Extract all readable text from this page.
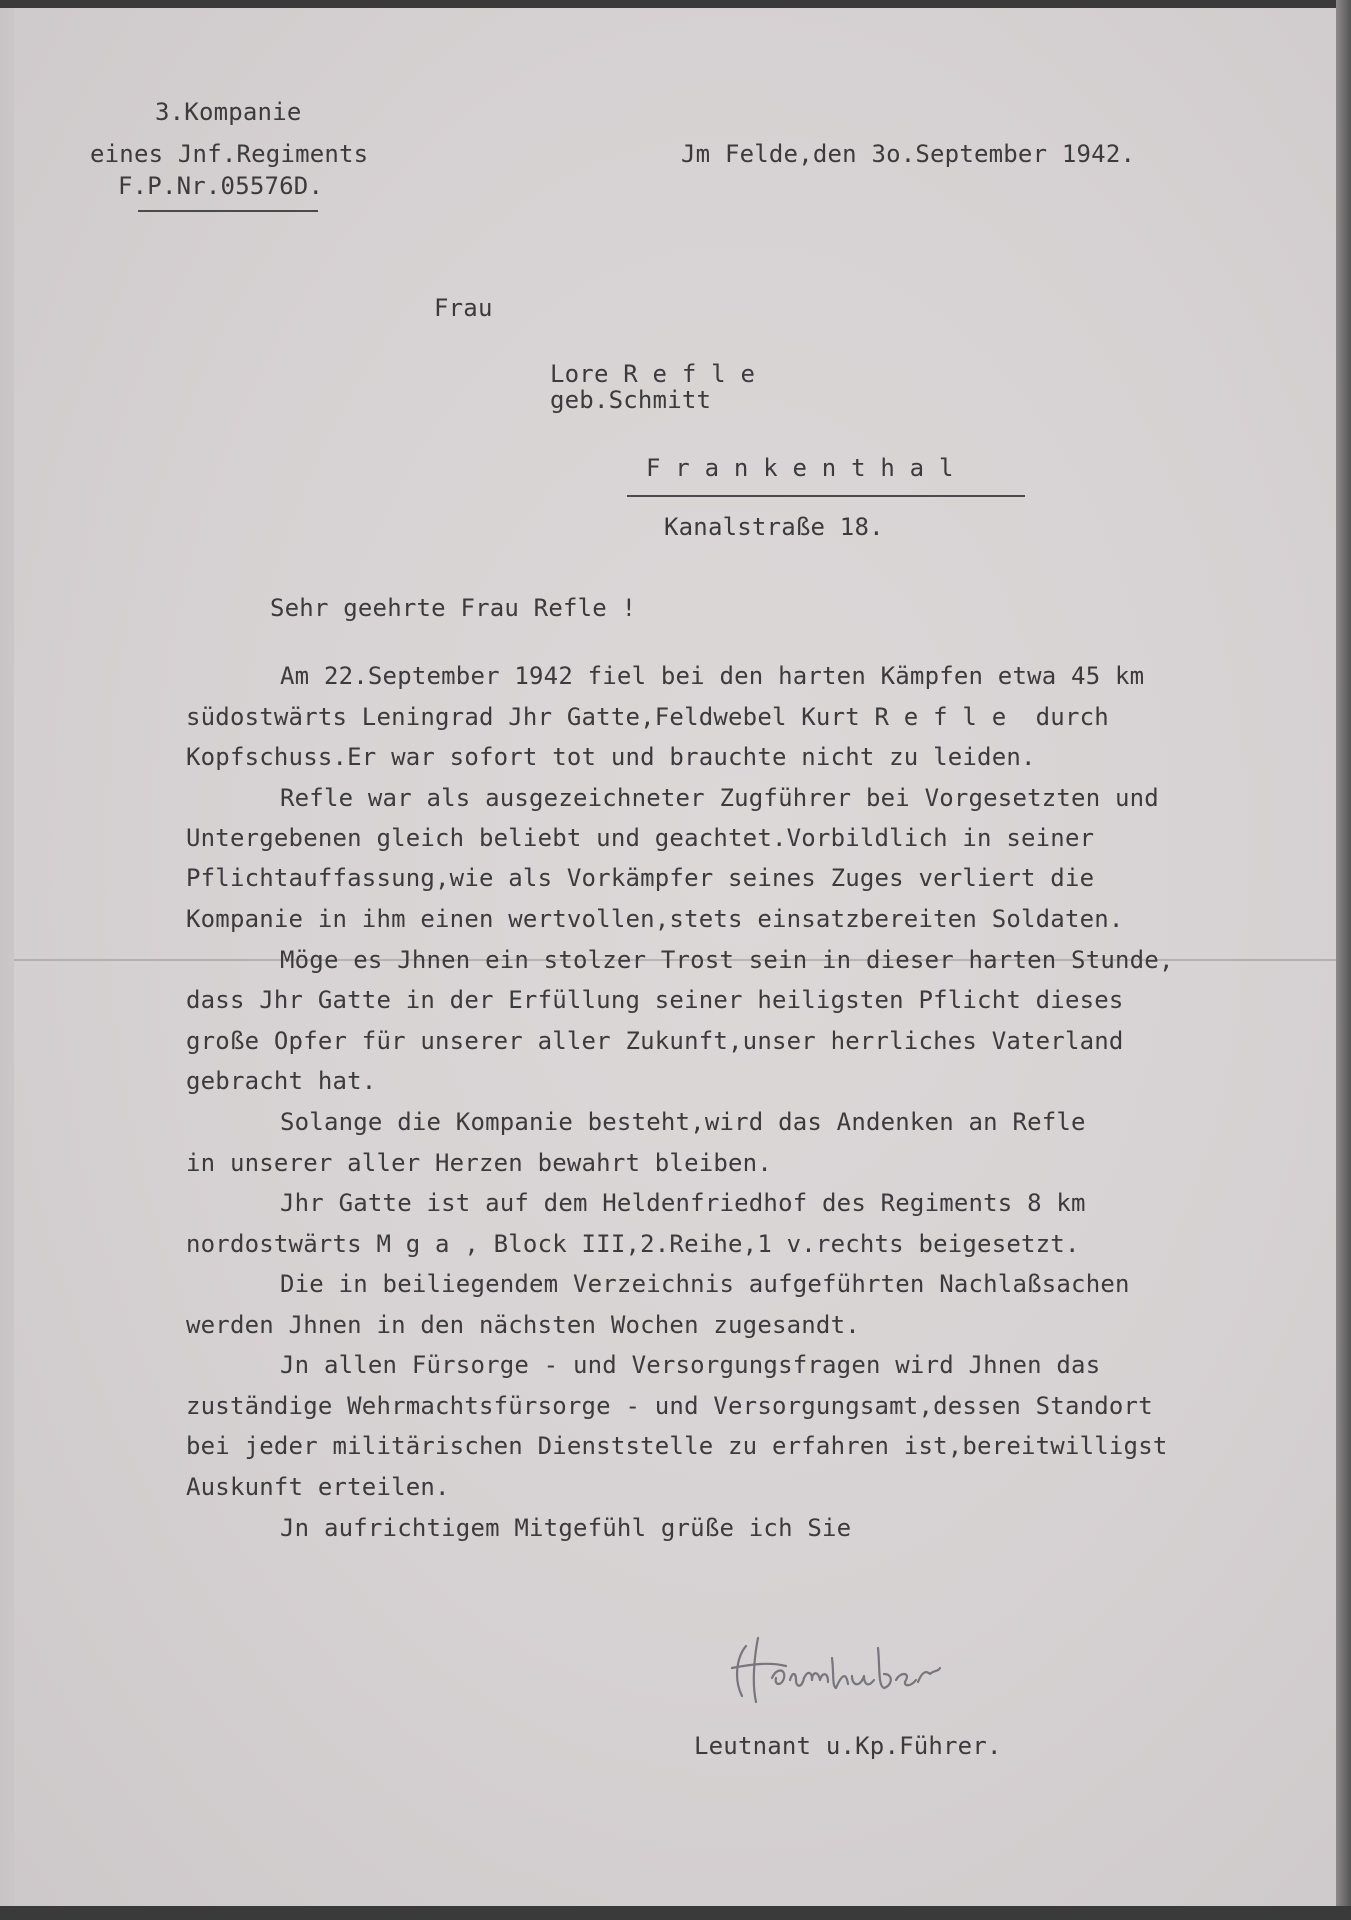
3.Kompanie
eines Jnf.Regiments
F.P.Nr.05576D.
Jm Felde,den 3o.September 1942.
Frau
Lore R e f l e
geb.Schmitt
F r a n k e n t h a l
Kanalstraße 18.
Sehr geehrte Frau Refle !
Am 22.September 1942 fiel bei den harten Kämpfen etwa 45 km
südostwärts Leningrad Jhr Gatte,Feldwebel Kurt R e f l e  durch
Kopfschuss.Er war sofort tot und brauchte nicht zu leiden.
Refle war als ausgezeichneter Zugführer bei Vorgesetzten und
Untergebenen gleich beliebt und geachtet.Vorbildlich in seiner
Pflichtauffassung,wie als Vorkämpfer seines Zuges verliert die
Kompanie in ihm einen wertvollen,stets einsatzbereiten Soldaten.
Möge es Jhnen ein stolzer Trost sein in dieser harten Stunde,
dass Jhr Gatte in der Erfüllung seiner heiligsten Pflicht dieses
große Opfer für unserer aller Zukunft,unser herrliches Vaterland
gebracht hat.
Solange die Kompanie besteht,wird das Andenken an Refle
in unserer aller Herzen bewahrt bleiben.
Jhr Gatte ist auf dem Heldenfriedhof des Regiments 8 km
nordostwärts M g a , Block III,2.Reihe,1 v.rechts beigesetzt.
Die in beiliegendem Verzeichnis aufgeführten Nachlaßsachen
werden Jhnen in den nächsten Wochen zugesandt.
Jn allen Fürsorge - und Versorgungsfragen wird Jhnen das
zuständige Wehrmachtsfürsorge - und Versorgungsamt,dessen Standort
bei jeder militärischen Dienststelle zu erfahren ist,bereitwilligst
Auskunft erteilen.
Jn aufrichtigem Mitgefühl grüße ich Sie
Leutnant u.Kp.Führer.
